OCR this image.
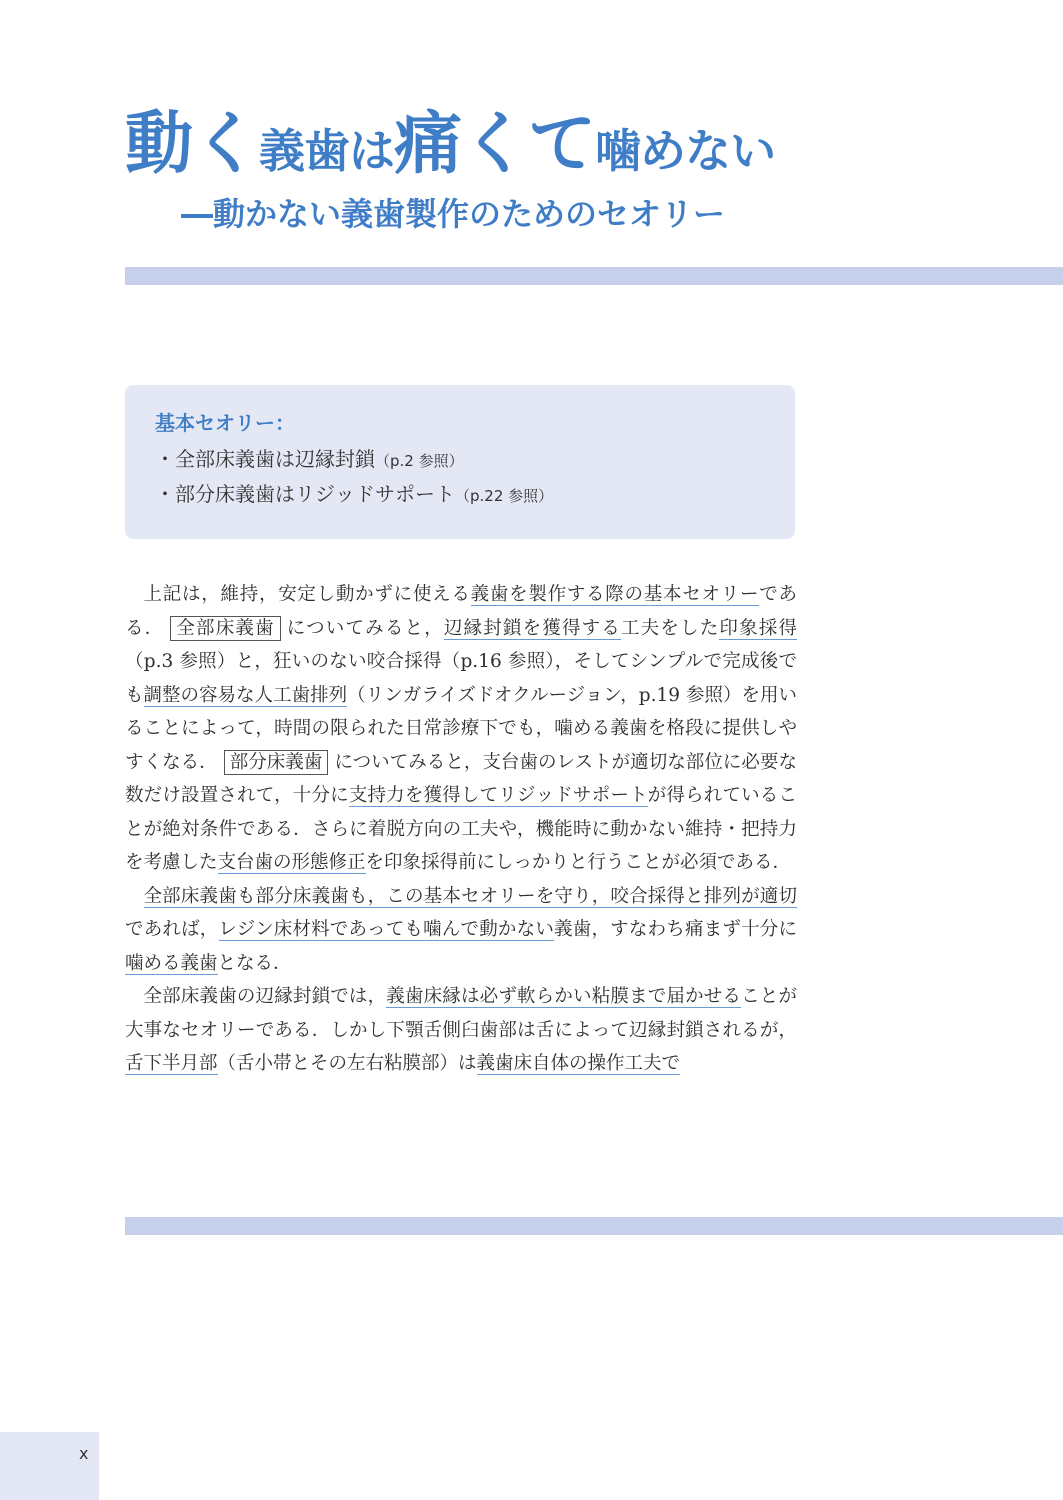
動く義歯は痛くて噛めない
―動かない義歯製作のためのセオリー
基本セオリー：
・全部床義歯は辺縁封鎖（p.2 参照）
・部分床義歯はリジッドサポート（p.22 参照）

上記は，維持，安定し動かずに使える義歯を製作する際の基本セオリーである． 全部床義歯 についてみると，辺縁封鎖を獲得する工夫をした印象採得（p.3 参照）と，狂いのない咬合採得（p.16 参照），そしてシンプルで完成後でも調整の容易な人工歯排列（リンガライズドオクルージョン，p.19 参照）を用いることによって，時間の限られた日常診療下でも，噛める義歯を格段に提供しやすくなる． 部分床義歯 についてみると，支台歯のレストが適切な部位に必要な数だけ設置されて，十分に支持力を獲得してリジッドサポートが得られていることが絶対条件である．さらに着脱方向の工夫や，機能時に動かない維持・把持力を考慮した支台歯の形態修正を印象採得前にしっかりと行うことが必須である．

全部床義歯も部分床義歯も，この基本セオリーを守り，咬合採得と排列が適切であれば，レジン床材料であっても噛んで動かない義歯，すなわち痛まず十分に噛める義歯となる．

全部床義歯の辺縁封鎖では，義歯床縁は必ず軟らかい粘膜まで届かせることが大事なセオリーである．しかし下顎舌側臼歯部は舌によって辺縁封鎖されるが，舌下半月部（舌小帯とその左右粘膜部）は義歯床自体の操作工夫で

x
